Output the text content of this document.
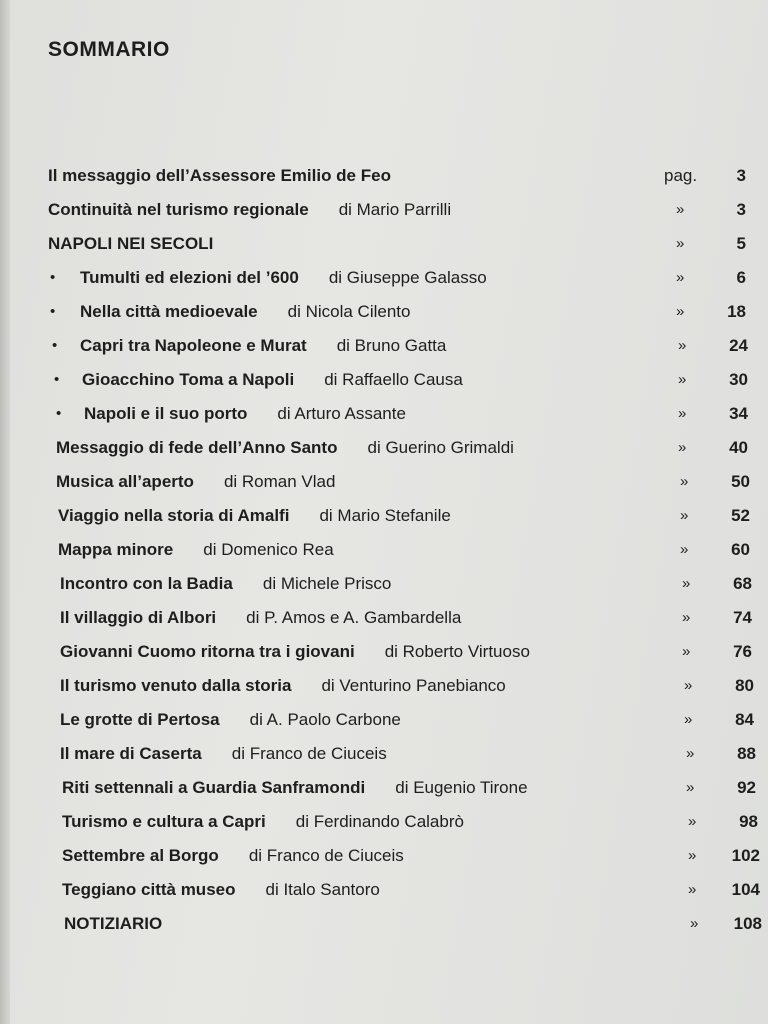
SOMMARIO
Il messaggio dell’Assessore Emilio de Feo	pag.	3
Continuità nel turismo regionale di Mario Parrilli	»	3
NAPOLI NEI SECOLI	»	5
• Tumulti ed elezioni del ’600 di Giuseppe Galasso	»	6
• Nella città medioevale di Nicola Cilento	»	18
• Capri tra Napoleone e Murat di Bruno Gatta	»	24
• Gioacchino Toma a Napoli di Raffaello Causa	»	30
• Napoli e il suo porto di Arturo Assante	»	34
Messaggio di fede dell’Anno Santo di Guerino Grimaldi	»	40
Musica all’aperto di Roman Vlad	»	50
Viaggio nella storia di Amalfi di Mario Stefanile	»	52
Mappa minore di Domenico Rea	»	60
Incontro con la Badia di Michele Prisco	»	68
Il villaggio di Albori di P. Amos e A. Gambardella	»	74
Giovanni Cuomo ritorna tra i giovani di Roberto Virtuoso	»	76
Il turismo venuto dalla storia di Venturino Panebianco	»	80
Le grotte di Pertosa di A. Paolo Carbone	»	84
Il mare di Caserta di Franco de Ciuceis	»	88
Riti settennali a Guardia Sanframondi di Eugenio Tirone	»	92
Turismo e cultura a Capri di Ferdinando Calabrò	»	98
Settembre al Borgo di Franco de Ciuceis	»	102
Teggiano città museo di Italo Santoro	»	104
NOTIZIARIO	»	108
